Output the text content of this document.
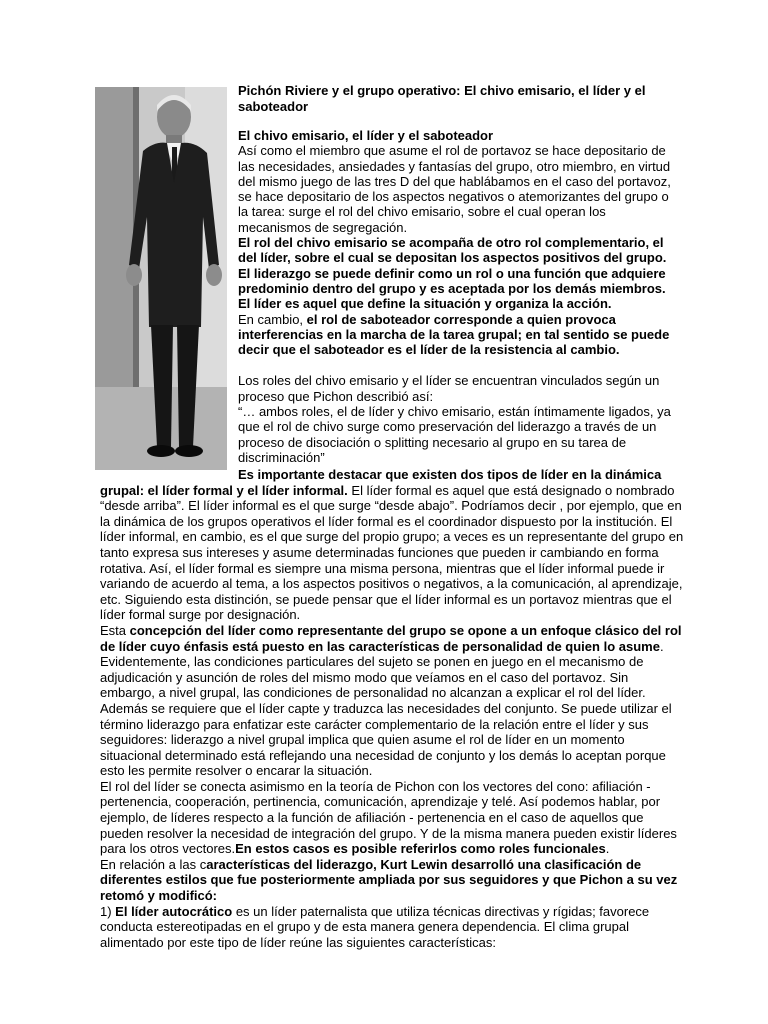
Pichón Riviere y el grupo operativo: El chivo emisario, el líder y el saboteador

El chivo emisario, el líder y el saboteador

Así como el miembro que asume el rol de portavoz se hace depositario de las necesidades, ansiedades y fantasías del grupo, otro miembro, en virtud del mismo juego de las tres D del que hablábamos en el caso del portavoz, se hace depositario de los aspectos negativos o atemorizantes del grupo o la tarea: surge el rol del chivo emisario, sobre el cual operan los mecanismos de segregación.

El rol del chivo emisario se acompaña de otro rol complementario, el del líder, sobre el cual se depositan los aspectos positivos del grupo. El liderazgo se puede definir como un rol o una función que adquiere predominio dentro del grupo y es aceptada por los demás miembros. El líder es aquel que define la situación y organiza la acción.

En cambio, el rol de saboteador corresponde a quien provoca interferencias en la marcha de la tarea grupal; en tal sentido se puede decir que el saboteador es el líder de la resistencia al cambio.

Los roles del chivo emisario y el líder se encuentran vinculados según un proceso que Pichon describió así:

“… ambos roles, el de líder y chivo emisario, están íntimamente ligados, ya que el rol de chivo surge como preservación del liderazgo a través de un proceso de disociación o splitting necesario al grupo en su tarea de discriminación”

Es importante destacar que existen dos tipos de líder en la dinámica grupal: el líder formal y el líder informal. El líder formal es aquel que está designado o nombrado “desde arriba”. El líder informal es el que surge “desde abajo”. Podríamos decir , por ejemplo, que en la dinámica de los grupos operativos el líder formal es el coordinador dispuesto por la institución. El líder informal, en cambio, es el que surge del propio grupo; a veces es un representante del grupo en tanto expresa sus intereses y asume determinadas funciones que pueden ir cambiando en forma rotativa. Así, el líder formal es siempre una misma persona, mientras que el líder informal puede ir variando de acuerdo al tema, a los aspectos positivos o negativos, a la comunicación, al aprendizaje, etc. Siguiendo esta distinción, se puede pensar que el líder informal es un portavoz mientras que el líder formal surge por designación.

Esta concepción del líder como representante del grupo se opone a un enfoque clásico del rol de líder cuyo énfasis está puesto en las características de personalidad de quien lo asume. Evidentemente, las condiciones particulares del sujeto se ponen en juego en el mecanismo de adjudicación y asunción de roles del mismo modo que veíamos en el caso del portavoz. Sin embargo, a nivel grupal, las condiciones de personalidad no alcanzan a explicar el rol del líder. Además se requiere que el líder capte y traduzca las necesidades del conjunto. Se puede utilizar el término liderazgo para enfatizar este carácter complementario de la relación entre el líder y sus seguidores: liderazgo a nivel grupal implica que quien asume el rol de líder en un momento situacional determinado está reflejando una necesidad de conjunto y los demás lo aceptan porque esto les permite resolver o encarar la situación.

El rol del líder se conecta asimismo en la teoría de Pichon con los vectores del cono: afiliación - pertenencia, cooperación, pertinencia, comunicación, aprendizaje y telé. Así podemos hablar, por ejemplo, de líderes respecto a la función de afiliación - pertenencia en el caso de aquellos que pueden resolver la necesidad de integración del grupo. Y de la misma manera pueden existir líderes para los otros vectores.En estos casos es posible referirlos como roles funcionales.

En relación a las características del liderazgo, Kurt Lewin desarrolló una clasificación de diferentes estilos que fue posteriormente ampliada por sus seguidores y que Pichon a su vez retomó y modificó:

1) El líder autocrático es un líder paternalista que utiliza técnicas directivas y rígidas; favorece conducta estereotipadas en el grupo y de esta manera genera dependencia. El clima grupal alimentado por este tipo de líder reúne las siguientes características:
